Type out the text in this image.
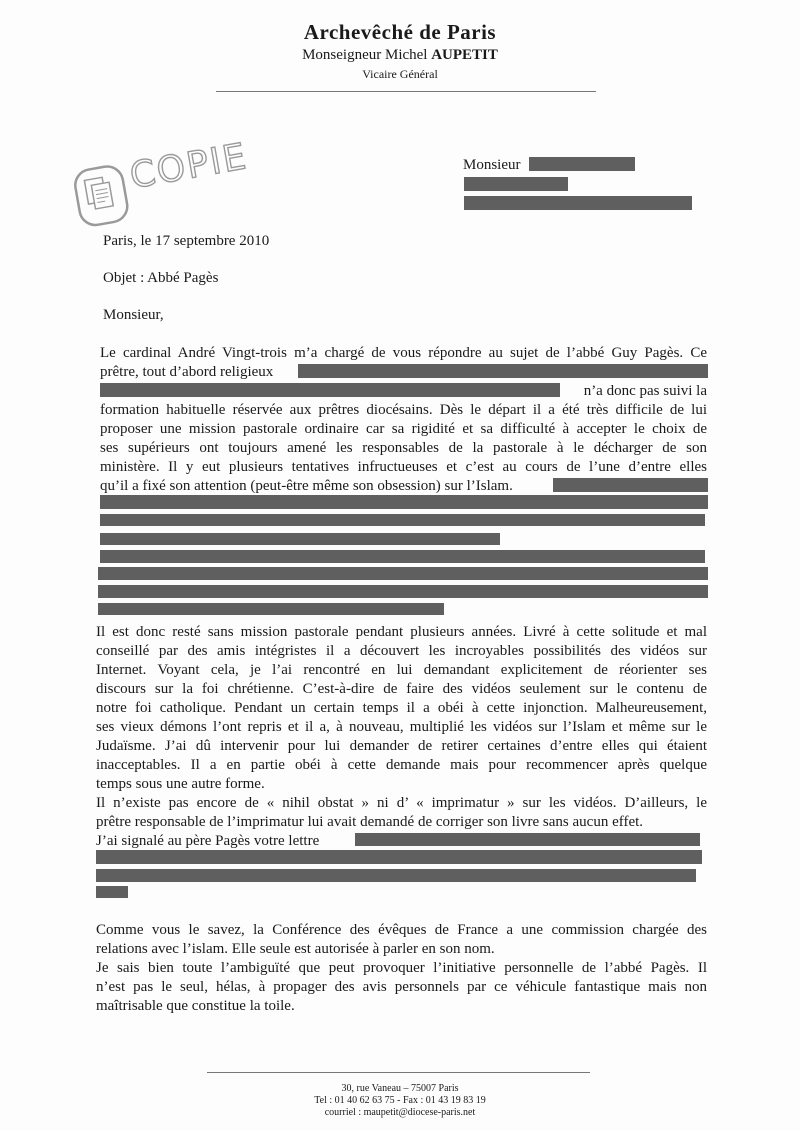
Archevêché de Paris
Monseigneur Michel AUPETIT
Vicaire Général
COPIE	Monsieur
Paris, le 17 septembre 2010
Objet : Abbé Pagès
Monsieur,
Le cardinal André Vingt-trois m’a chargé de vous répondre au sujet de l’abbé Guy Pagès. Ce
prêtre, tout d’abord religieux
n’a donc pas suivi la
formation habituelle réservée aux prêtres diocésains. Dès le départ il a été très difficile de lui
proposer une mission pastorale ordinaire car sa rigidité et sa difficulté à accepter le choix de
ses supérieurs ont toujours amené les responsables de la pastorale à le décharger de son
ministère. Il y eut plusieurs tentatives infructueuses et c’est au cours de l’une d’entre elles
qu’il a fixé son attention (peut-être même son obsession) sur l’Islam.
Il est donc resté sans mission pastorale pendant plusieurs années. Livré à cette solitude et mal
conseillé par des amis intégristes il a découvert les incroyables possibilités des vidéos sur
Internet. Voyant cela, je l’ai rencontré en lui demandant explicitement de réorienter ses
discours sur la foi chrétienne. C’est-à-dire de faire des vidéos seulement sur le contenu de
notre foi catholique. Pendant un certain temps il a obéi à cette injonction. Malheureusement,
ses vieux démons l’ont repris et il a, à nouveau, multiplié les vidéos sur l’Islam et même sur le
Judaïsme. J’ai dû intervenir pour lui demander de retirer certaines d’entre elles qui étaient
inacceptables. Il a en partie obéi à cette demande mais pour recommencer après quelque
temps sous une autre forme.
Il n’existe pas encore de « nihil obstat » ni d’ « imprimatur » sur les vidéos. D’ailleurs, le
prêtre responsable de l’imprimatur lui avait demandé de corriger son livre sans aucun effet.
J’ai signalé au père Pagès votre lettre
Comme vous le savez, la Conférence des évêques de France a une commission chargée des
relations avec l’islam. Elle seule est autorisée à parler en son nom.
Je sais bien toute l’ambiguïté que peut provoquer l’initiative personnelle de l’abbé Pagès. Il
n’est pas le seul, hélas, à propager des avis personnels par ce véhicule fantastique mais non
maîtrisable que constitue la toile.
30, rue Vaneau – 75007 Paris
Tel : 01 40 62 63 75 - Fax : 01 43 19 83 19
courriel : maupetit@diocese-paris.net
